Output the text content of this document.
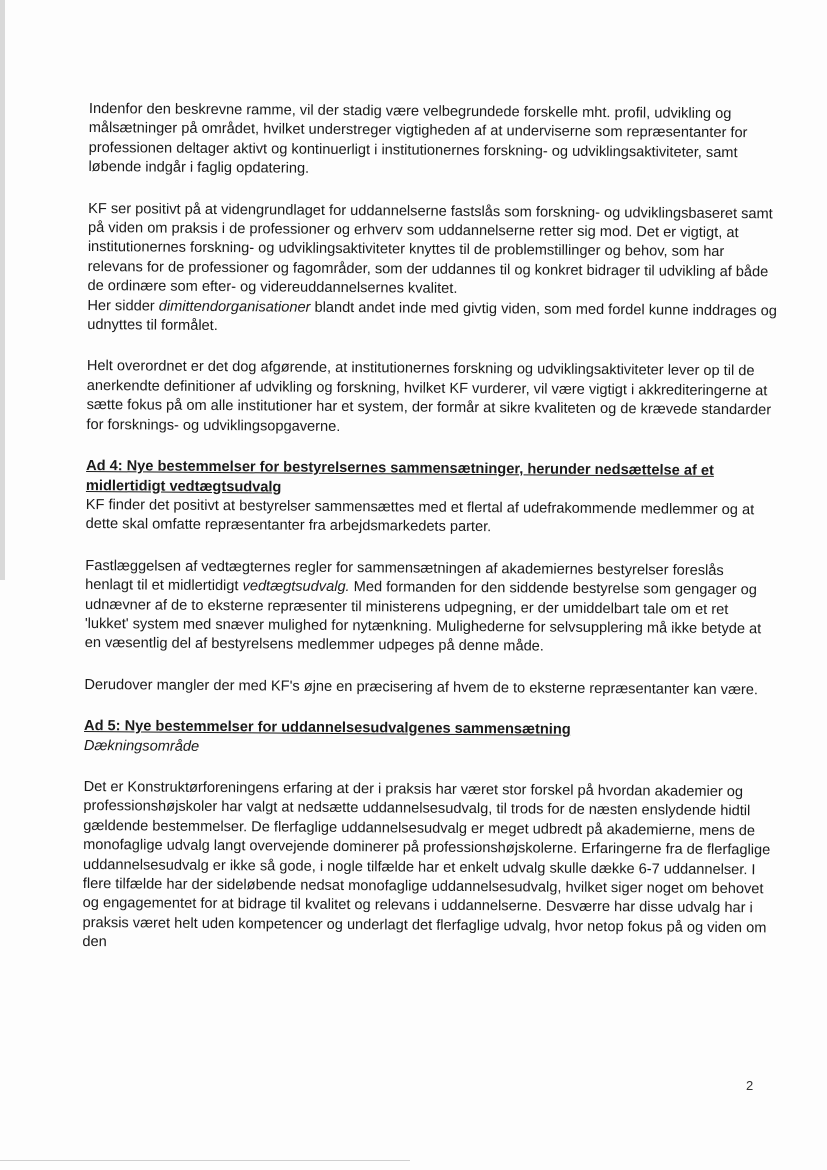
Indenfor den beskrevne ramme, vil der stadig være velbegrundede forskelle mht. profil, udvikling og målsætninger på området, hvilket understreger vigtigheden af at underviserne som repræsentanter for professionen deltager aktivt og kontinuerligt i institutionernes forskning- og udviklingsaktiviteter, samt løbende indgår i faglig opdatering.

KF ser positivt på at videngrundlaget for uddannelserne fastslås som forskning- og udviklingsbaseret samt på viden om praksis i de professioner og erhverv som uddannelserne retter sig mod. Det er vigtigt, at institutionernes forskning- og udviklingsaktiviteter knyttes til de problemstillinger og behov, som har relevans for de professioner og fagområder, som der uddannes til og konkret bidrager til udvikling af både de ordinære som efter- og videreuddannelsernes kvalitet.

Her sidder dimittendorganisationer blandt andet inde med givtig viden, som med fordel kunne inddrages og udnyttes til formålet.

Helt overordnet er det dog afgørende, at institutionernes forskning og udviklingsaktiviteter lever op til de anerkendte definitioner af udvikling og forskning, hvilket KF vurderer, vil være vigtigt i akkrediteringerne at sætte fokus på om alle institutioner har et system, der formår at sikre kvaliteten og de krævede standarder for forsknings- og udviklingsopgaverne.

Ad 4: Nye bestemmelser for bestyrelsernes sammensætninger, herunder nedsættelse af et midlertidigt vedtægtsudvalg

KF finder det positivt at bestyrelser sammensættes med et flertal af udefrakommende medlemmer og at dette skal omfatte repræsentanter fra arbejdsmarkedets parter.

Fastlæggelsen af vedtægternes regler for sammensætningen af akademiernes bestyrelser foreslås henlagt til et midlertidigt vedtægtsudvalg. Med formanden for den siddende bestyrelse som gengager og udnævner af de to eksterne repræsenter til ministerens udpegning, er der umiddelbart tale om et ret 'lukket' system med snæver mulighed for nytænkning. Mulighederne for selvsupplering må ikke betyde at en væsentlig del af bestyrelsens medlemmer udpeges på denne måde.

Derudover mangler der med KF's øjne en præcisering af hvem de to eksterne repræsentanter kan være.

Ad 5: Nye bestemmelser for uddannelsesudvalgenes sammensætning

Dækningsområde

Det er Konstruktørforeningens erfaring at der i praksis har været stor forskel på hvordan akademier og professionshøjskoler har valgt at nedsætte uddannelsesudvalg, til trods for de næsten enslydende hidtil gældende bestemmelser. De flerfaglige uddannelsesudvalg er meget udbredt på akademierne, mens de monofaglige udvalg langt overvejende dominerer på professionshøjskolerne. Erfaringerne fra de flerfaglige uddannelsesudvalg er ikke så gode, i nogle tilfælde har et enkelt udvalg skulle dække 6-7 uddannelser. I flere tilfælde har der sideløbende nedsat monofaglige uddannelsesudvalg, hvilket siger noget om behovet og engagementet for at bidrage til kvalitet og relevans i uddannelserne. Desværre har disse udvalg har i praksis været helt uden kompetencer og underlagt det flerfaglige udvalg, hvor netop fokus på og viden om den

2
